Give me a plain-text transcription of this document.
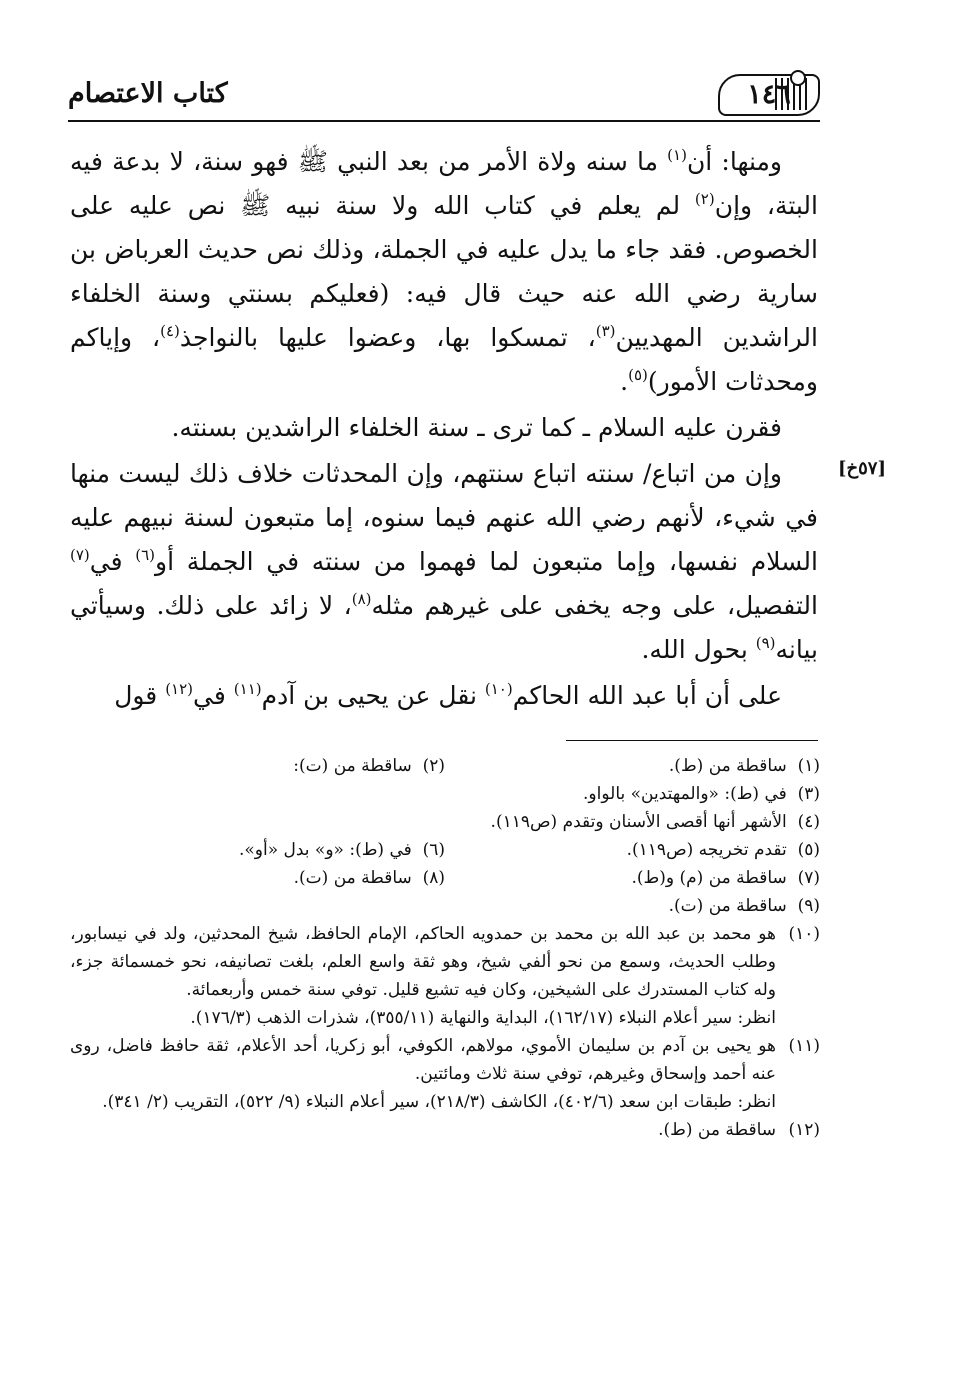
كتاب الاعتصام	١٤٦
[٥٧خ]

ومنها: أن$^{(١)}$ ما سنه ولاة الأمر من بعد النبي ﷺ فهو سنة، لا بدعة فيه البتة، وإن$^{(٢)}$ لم يعلم في كتاب الله ولا سنة نبيه ﷺ نص عليه على الخصوص. فقد جاء ما يدل عليه في الجملة، وذلك نص حديث العرباض بن سارية رضي الله عنه حيث قال فيه: (فعليكم بسنتي وسنة الخلفاء الراشدين المهديين$^{(٣)}$، تمسكوا بها، وعضوا عليها بالنواجذ$^{(٤)}$، وإياكم ومحدثات الأمور)$^{(٥)}$.

فقرن عليه السلام ـ كما ترى ـ سنة الخلفاء الراشدين بسنته.

وإن من اتباع/ سنته اتباع سنتهم، وإن المحدثات خلاف ذلك ليست منها في شيء، لأنهم رضي الله عنهم فيما سنوه، إما متبعون لسنة نبيهم عليه السلام نفسها، وإما متبعون لما فهموا من سنته في الجملة أو$^{(٦)}$ في$^{(٧)}$ التفصيل، على وجه يخفى على غيرهم مثله$^{(٨)}$، لا زائد على ذلك. وسيأتي بيانه$^{(٩)}$ بحول الله.

على أن أبا عبد الله الحاكم$^{(١٠)}$ نقل عن يحيى بن آدم$^{(١١)}$ في$^{(١٢)}$ قول

(١)  ساقطة من (ط).
(٢)  ساقطة من (ت):
(٣)  في (ط): «والمهتدين» بالواو.
(٤)  الأشهر أنها أقصى الأسنان وتقدم (ص١١٩).
(٥)  تقدم تخريجه (ص١١٩).
(٦)  في (ط): «و» بدل «أو».
(٧)  ساقطة من (م) و(ط).
(٨)  ساقطة من (ت).
(٩)  ساقطة من (ت).
(١٠)
هو محمد بن عبد الله بن محمد بن حمدويه الحاكم، الإمام الحافظ، شيخ المحدثين، ولد في نيسابور، وطلب الحديث، وسمع من نحو ألفي شيخ، وهو ثقة واسع العلم، بلغت تصانيفه، نحو خمسمائة جزء، وله كتاب المستدرك على الشيخين، وكان فيه تشيع قليل. توفي سنة خمس وأربعمائة.
انظر: سير أعلام النبلاء (١٦٢/١٧)، البداية والنهاية (٣٥٥/١١)، شذرات الذهب (١٧٦/٣).
(١١)
هو يحيى بن آدم بن سليمان الأموي، مولاهم، الكوفي، أبو زكريا، أحد الأعلام، ثقة حافظ فاضل، روى عنه أحمد وإسحاق وغيرهم، توفي سنة ثلاث ومائتين.
انظر: طبقات ابن سعد (٤٠٢/٦)، الكاشف (٢١٨/٣)، سير أعلام النبلاء (٩/ ٥٢٢)، التقريب (٢/ ٣٤١).
(١٢)
ساقطة من (ط).
